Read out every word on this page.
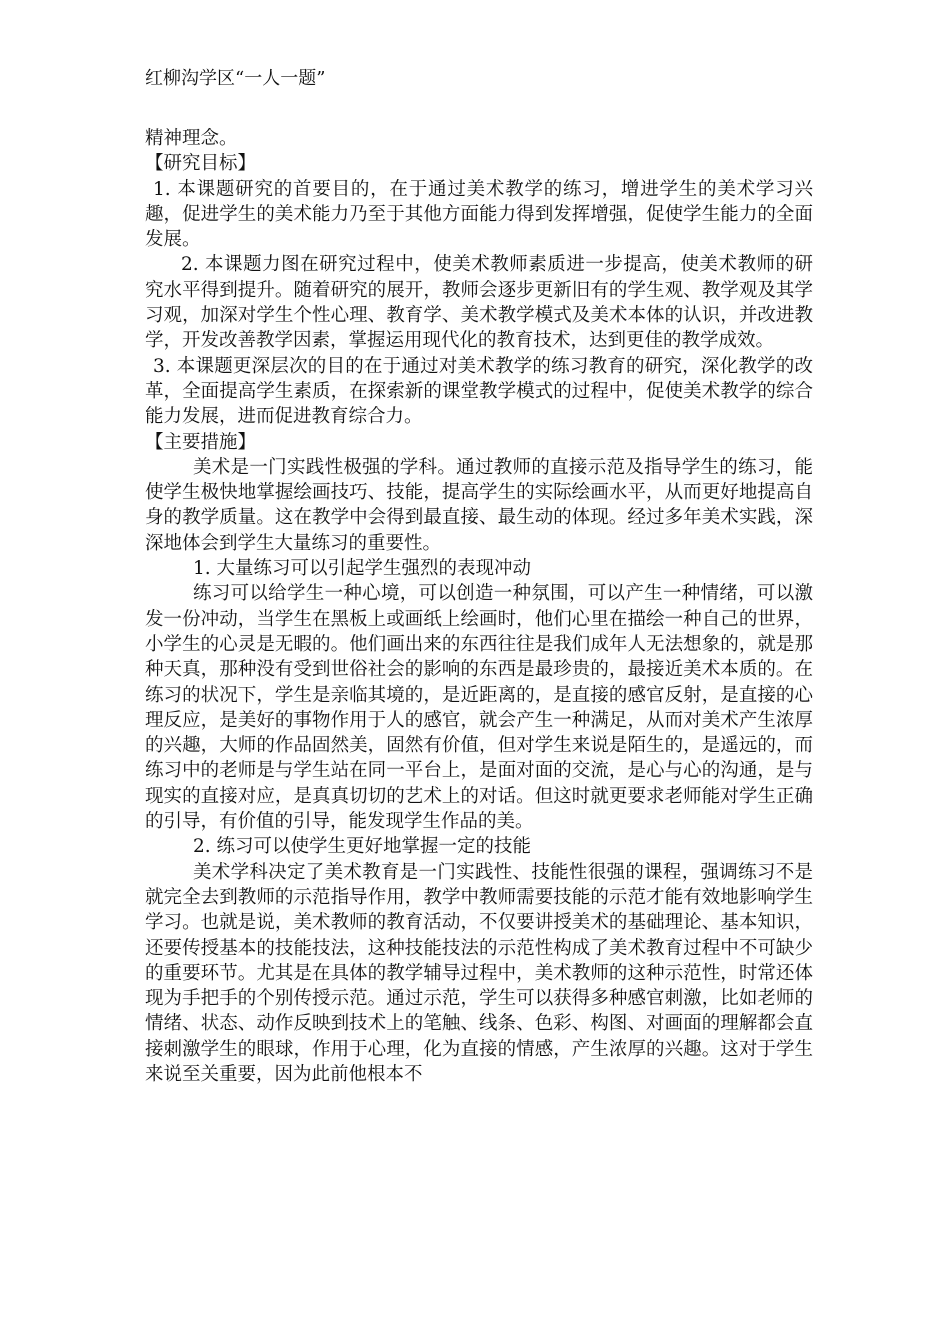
红柳沟学区“一人一题”

精神理念。

【研究目标】

1. 本课题研究的首要目的，在于通过美术教学的练习，增进学生的美术学习兴趣，促进学生的美术能力乃至于其他方面能力得到发挥增强，促使学生能力的全面发展。

2. 本课题力图在研究过程中，使美术教师素质进一步提高，使美术教师的研究水平得到提升。随着研究的展开，教师会逐步更新旧有的学生观、教学观及其学习观，加深对学生个性心理、教育学、美术教学模式及美术本体的认识，并改进教学，开发改善教学因素，掌握运用现代化的教育技术，达到更佳的教学成效。

3. 本课题更深层次的目的在于通过对美术教学的练习教育的研究，深化教学的改革，全面提高学生素质，在探索新的课堂教学模式的过程中，促使美术教学的综合能力发展，进而促进教育综合力。

【主要措施】

美术是一门实践性极强的学科。通过教师的直接示范及指导学生的练习，能使学生极快地掌握绘画技巧、技能，提高学生的实际绘画水平，从而更好地提高自身的教学质量。这在教学中会得到最直接、最生动的体现。经过多年美术实践，深深地体会到学生大量练习的重要性。

1. 大量练习可以引起学生强烈的表现冲动

练习可以给学生一种心境，可以创造一种氛围，可以产生一种情绪，可以激发一份冲动，当学生在黑板上或画纸上绘画时，他们心里在描绘一种自己的世界，小学生的心灵是无暇的。他们画出来的东西往往是我们成年人无法想象的，就是那种天真，那种没有受到世俗社会的影响的东西是最珍贵的，最接近美术本质的。在练习的状况下，学生是亲临其境的，是近距离的，是直接的感官反射，是直接的心理反应，是美好的事物作用于人的感官，就会产生一种满足，从而对美术产生浓厚的兴趣，大师的作品固然美，固然有价值，但对学生来说是陌生的，是遥远的，而练习中的老师是与学生站在同一平台上，是面对面的交流，是心与心的沟通，是与现实的直接对应，是真真切切的艺术上的对话。但这时就更要求老师能对学生正确的引导，有价值的引导，能发现学生作品的美。

2. 练习可以使学生更好地掌握一定的技能

美术学科决定了美术教育是一门实践性、技能性很强的课程，强调练习不是就完全去到教师的示范指导作用，教学中教师需要技能的示范才能有效地影响学生学习。也就是说，美术教师的教育活动，不仅要讲授美术的基础理论、基本知识，还要传授基本的技能技法，这种技能技法的示范性构成了美术教育过程中不可缺少的重要环节。尤其是在具体的教学辅导过程中，美术教师的这种示范性，时常还体现为手把手的个别传授示范。通过示范，学生可以获得多种感官刺激，比如老师的情绪、状态、动作反映到技术上的笔触、线条、色彩、构图、对画面的理解都会直接刺激学生的眼球，作用于心理，化为直接的情感，产生浓厚的兴趣。这对于学生来说至关重要，因为此前他根本不
